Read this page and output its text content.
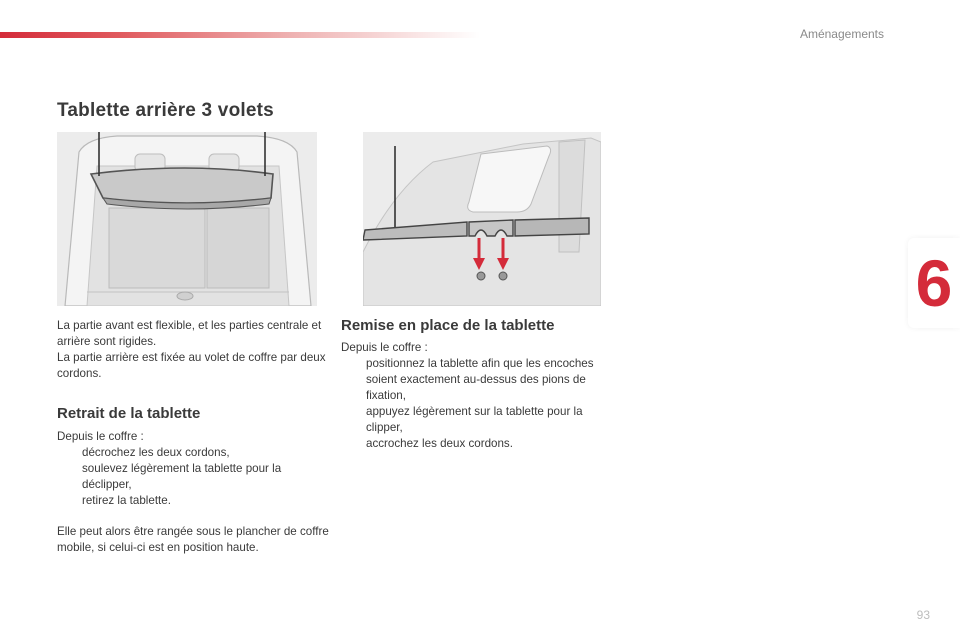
Aménagements
6
Tablette arrière 3 volets

La partie avant est flexible, et les parties centrale et arrière sont rigides.

La partie arrière est fixée au volet de coffre par deux cordons.

Retrait de la tablette

Depuis le coffre :

décrochez les deux cordons,
soulevez légèrement la tablette pour la déclipper,
retirez la tablette.

Elle peut alors être rangée sous le plancher de coffre mobile, si celui-ci est en position haute.

Remise en place de la tablette

Depuis le coffre :

positionnez la tablette afin que les encoches soient exactement au-dessus des pions de fixation,
appuyez légèrement sur la tablette pour la clipper,
accrochez les deux cordons.
93
